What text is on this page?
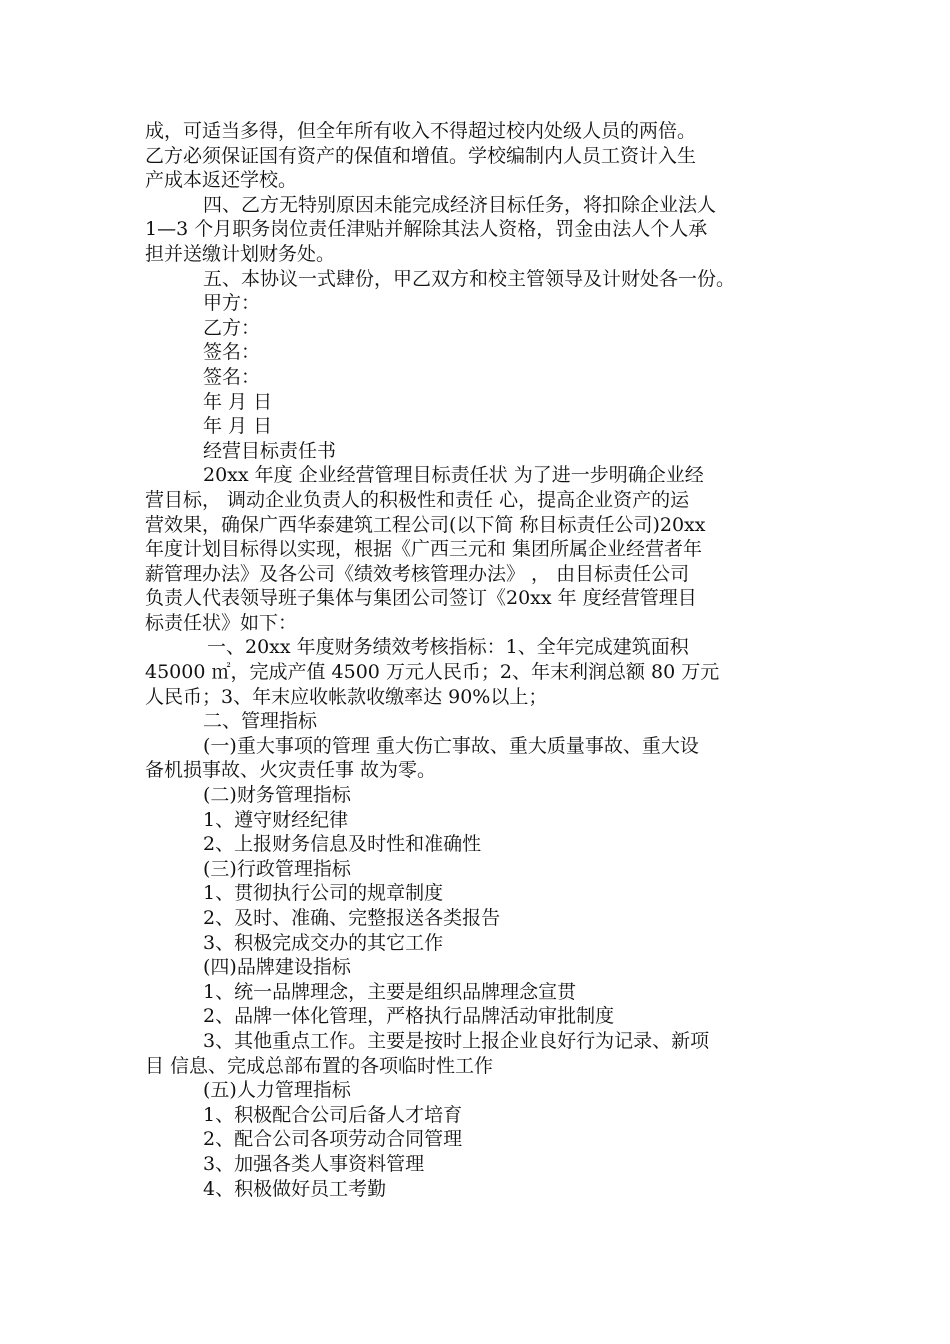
成，可适当多得，但全年所有收入不得超过校内处级人员的两倍。

乙方必须保证国有资产的保值和增值。学校编制内人员工资计入生

产成本返还学校。

四、乙方无特别原因未能完成经济目标任务，将扣除企业法人

1—3 个月职务岗位责任津贴并解除其法人资格，罚金由法人个人承

担并送缴计划财务处。

五、本协议一式肆份，甲乙双方和校主管领导及计财处各一份。

甲方：

乙方：

签名：

签名：

年 月 日

年 月 日

经营目标责任书

20xx 年度 企业经营管理目标责任状 为了进一步明确企业经

营目标， 调动企业负责人的积极性和责任 心，提高企业资产的运

营效果，确保广西华泰建筑工程公司(以下简 称目标责任公司)20xx

年度计划目标得以实现，根据《广西三元和 集团所属企业经营者年

薪管理办法》及各公司《绩效考核管理办法》 ， 由目标责任公司

负责人代表领导班子集体与集团公司签订《20xx 年 度经营管理目

标责任状》如下：

一、20xx 年度财务绩效考核指标：1、全年完成建筑面积

45000 ㎡，完成产值 4500 万元人民币；2、年末利润总额 80 万元

人民币；3、年末应收帐款收缴率达 90%以上；

二、管理指标

(一)重大事项的管理 重大伤亡事故、重大质量事故、重大设

备机损事故、火灾责任事 故为零。

(二)财务管理指标

1、遵守财经纪律

2、上报财务信息及时性和准确性

(三)行政管理指标

1、贯彻执行公司的规章制度

2、及时、准确、完整报送各类报告

3、积极完成交办的其它工作

(四)品牌建设指标

1、统一品牌理念，主要是组织品牌理念宣贯

2、品牌一体化管理，严格执行品牌活动审批制度

3、其他重点工作。主要是按时上报企业良好行为记录、新项

目 信息、完成总部布置的各项临时性工作

(五)人力管理指标

1、积极配合公司后备人才培育

2、配合公司各项劳动合同管理

3、加强各类人事资料管理

4、积极做好员工考勤
